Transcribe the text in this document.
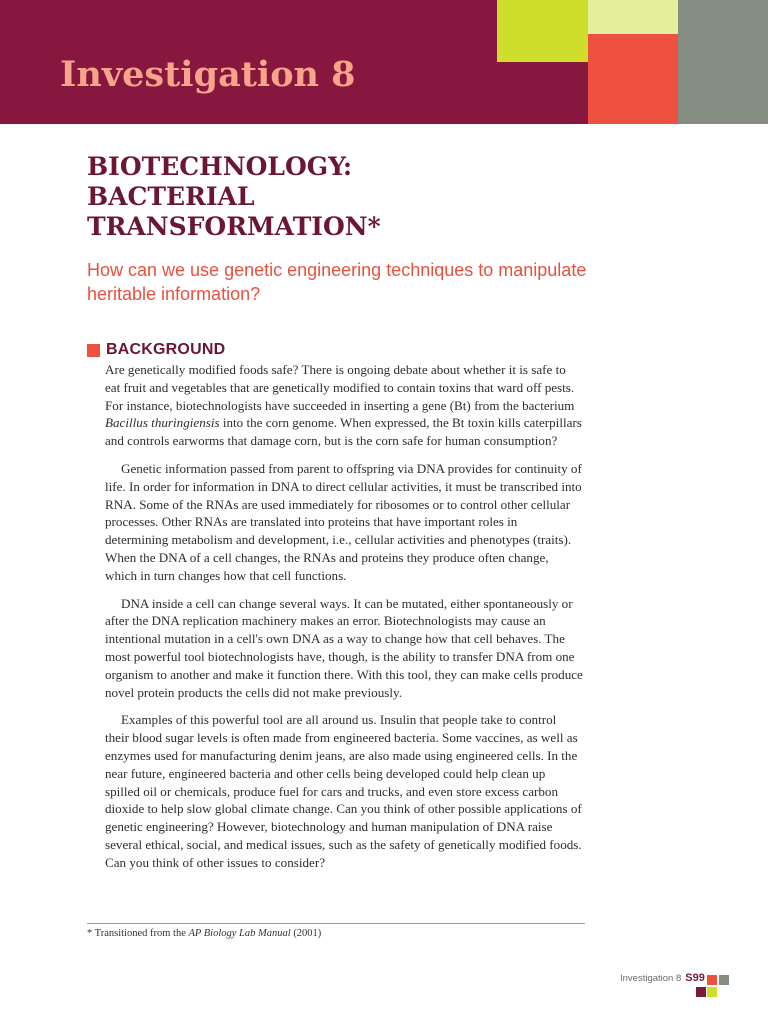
Investigation 8
BIOTECHNOLOGY:
BACTERIAL
TRANSFORMATION*

How can we use genetic engineering techniques to manipulate heritable information?

BACKGROUND

Are genetically modified foods safe? There is ongoing debate about whether it is safe to eat fruit and vegetables that are genetically modified to contain toxins that ward off pests. For instance, biotechnologists have succeeded in inserting a gene (Bt) from the bacterium Bacillus thuringiensis into the corn genome. When expressed, the Bt toxin kills caterpillars and controls earworms that damage corn, but is the corn safe for human consumption?

Genetic information passed from parent to offspring via DNA provides for continuity of life. In order for information in DNA to direct cellular activities, it must be transcribed into RNA. Some of the RNAs are used immediately for ribosomes or to control other cellular processes. Other RNAs are translated into proteins that have important roles in determining metabolism and development, i.e., cellular activities and phenotypes (traits). When the DNA of a cell changes, the RNAs and proteins they produce often change, which in turn changes how that cell functions.

DNA inside a cell can change several ways. It can be mutated, either spontaneously or after the DNA replication machinery makes an error. Biotechnologists may cause an intentional mutation in a cell's own DNA as a way to change how that cell behaves. The most powerful tool biotechnologists have, though, is the ability to transfer DNA from one organism to another and make it function there. With this tool, they can make cells produce novel protein products the cells did not make previously.

Examples of this powerful tool are all around us. Insulin that people take to control their blood sugar levels is often made from engineered bacteria. Some vaccines, as well as enzymes used for manufacturing denim jeans, are also made using engineered cells. In the near future, engineered bacteria and other cells being developed could help clean up spilled oil or chemicals, produce fuel for cars and trucks, and even store excess carbon dioxide to help slow global climate change. Can you think of other possible applications of genetic engineering? However, biotechnology and human manipulation of DNA raise several ethical, social, and medical issues, such as the safety of genetically modified foods. Can you think of other issues to consider?

* Transitioned from the AP Biology Lab Manual (2001)
Investigation 8 S99
